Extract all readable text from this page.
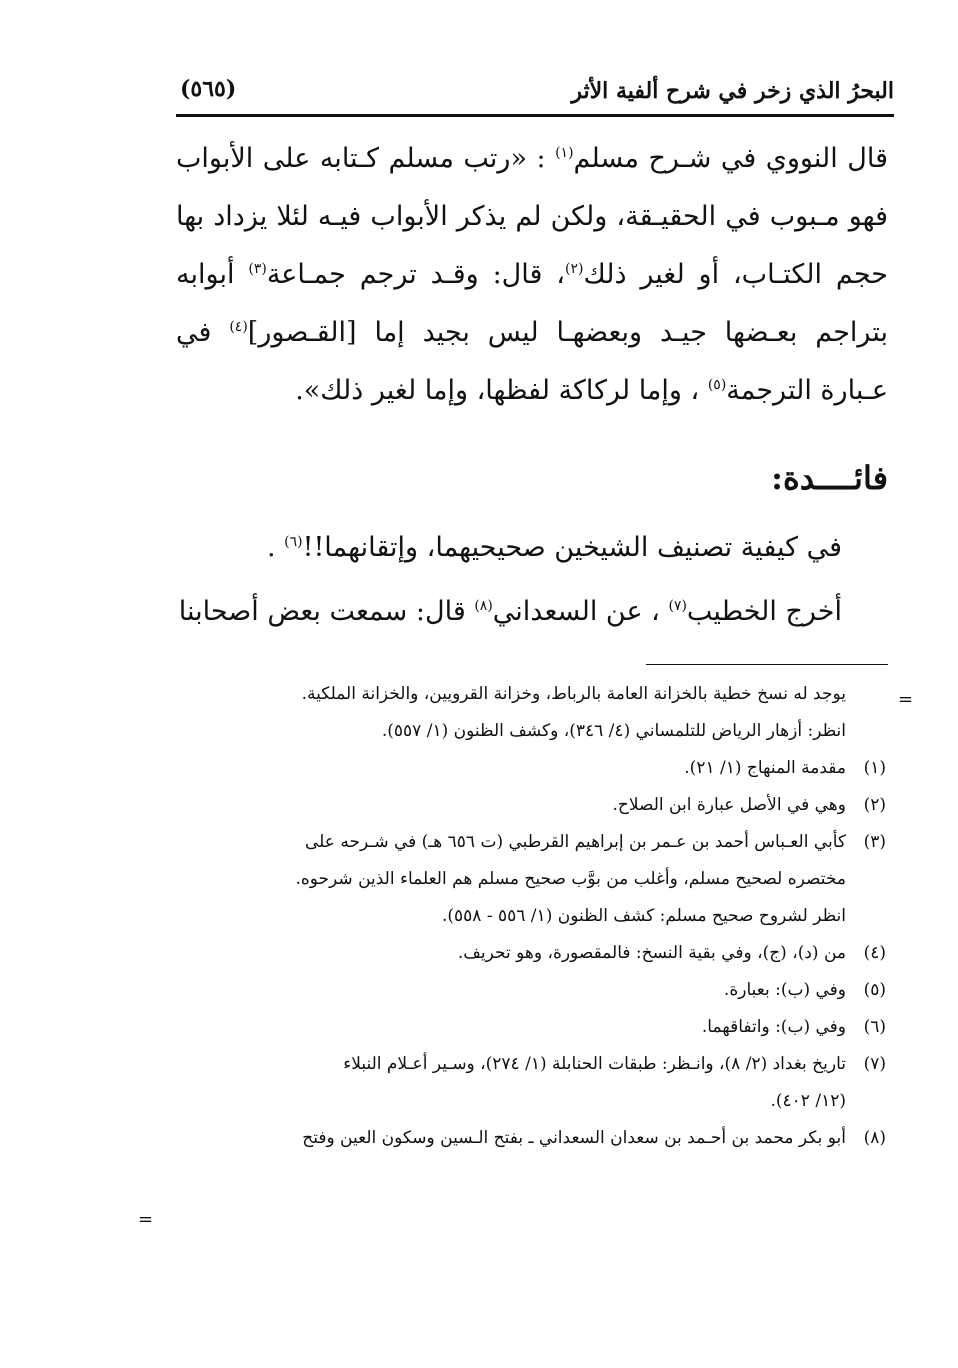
البحرُ الذي زخر في شرح ألفية الأثر
(٥٦٥)

قال النووي في شـرح مسلم$^{(١)}$ : «رتب مسلم كـتابه على الأبواب فهو مـبوب في الحقيـقة، ولكن لم يذكر الأبواب فيـه لئلا يزداد بها حجم الكتـاب، أو لغير ذلك$^{(٢)}$، قال: وقـد ترجم جمـاعة$^{(٣)}$ أبوابه بتراجم بعـضها جيـد وبعضهـا ليس بجيد إما [القـصور]$^{(٤)}$ في عـبارة الترجمة$^{(٥)}$ ، وإما لركاكة لفظها، وإما لغير ذلك».

فائــــدة:

في كيفية تصنيف الشيخين صحيحيهما، وإتقانهما!!$^{(٦)}$ .

أخرج الخطيب$^{(٧)}$ ، عن السعداني$^{(٨)}$ قال: سمعت بعض أصحابنا

=

يوجد له نسخ خطية بالخزانة العامة بالرباط، وخزانة القرويين، والخزانة الملكية.

انظر: أزهار الرياض للتلمساني (٤/ ٣٤٦)، وكشف الظنون (١/ ٥٥٧).

(١)

مقدمة المنهاج (١/ ٢١).

(٢)

وهي في الأصل عبارة ابن الصلاح.

(٣)

كأبي العـباس أحمد بن عـمر بن إبراهيم القرطبي (ت ٦٥٦ هـ) في شـرحه على

مختصره لصحيح مسلم، وأغلب من بوَّب صحيح مسلم هم العلماء الذين شرحوه.

انظر لشروح صحيح مسلم: كشف الظنون (١/ ٥٥٦ - ٥٥٨).

(٤)

من (د)، (ج)، وفي بقية النسخ: فالمقصورة، وهو تحريف.

(٥)

وفي (ب): بعبارة.

(٦)

وفي (ب): واتفاقهما.

(٧)

تاريخ بغداد (٢/ ٨)، وانـظر: طبقات الحنابلة (١/ ٢٧٤)، وسـير أعـلام النبلاء

(١٢/ ٤٠٢).

(٨)

أبو بكر محمد بن أحـمد بن سعدان السعداني ـ بفتح الـسين وسكون العين وفتح

=
